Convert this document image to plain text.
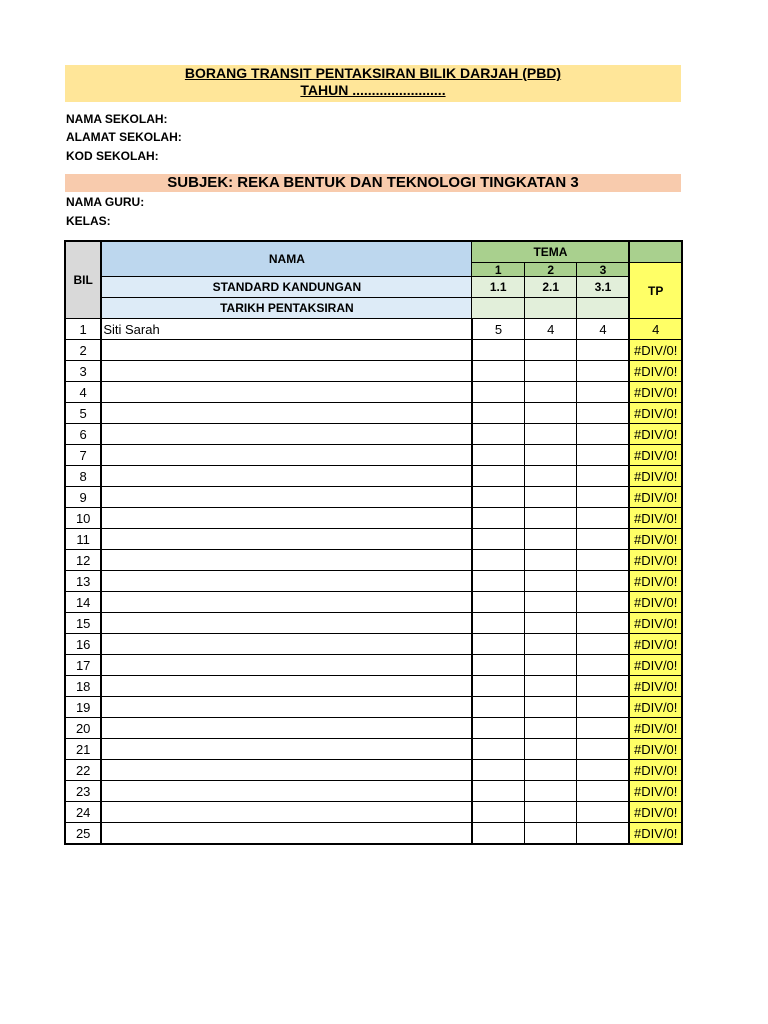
BORANG TRANSIT PENTAKSIRAN BILIK DARJAH (PBD)
TAHUN ........................
NAMA SEKOLAH:
ALAMAT SEKOLAH:
KOD SEKOLAH:
SUBJEK: REKA BENTUK DAN TEKNOLOGI TINGKATAN 3
NAMA GURU:
KELAS:
BIL	NAMA	TEMA			
		1	2	3	TP
	STANDARD KANDUNGAN	1.1	2.1	3.1	
	TARIKH PENTAKSIRAN				
1	Siti Sarah	5	4	4	4
2					#DIV/0!
3					#DIV/0!
4					#DIV/0!
5					#DIV/0!
6					#DIV/0!
7					#DIV/0!
8					#DIV/0!
9					#DIV/0!
10					#DIV/0!
11					#DIV/0!
12					#DIV/0!
13					#DIV/0!
14					#DIV/0!
15					#DIV/0!
16					#DIV/0!
17					#DIV/0!
18					#DIV/0!
19					#DIV/0!
20					#DIV/0!
21					#DIV/0!
22					#DIV/0!
23					#DIV/0!
24					#DIV/0!
25					#DIV/0!
